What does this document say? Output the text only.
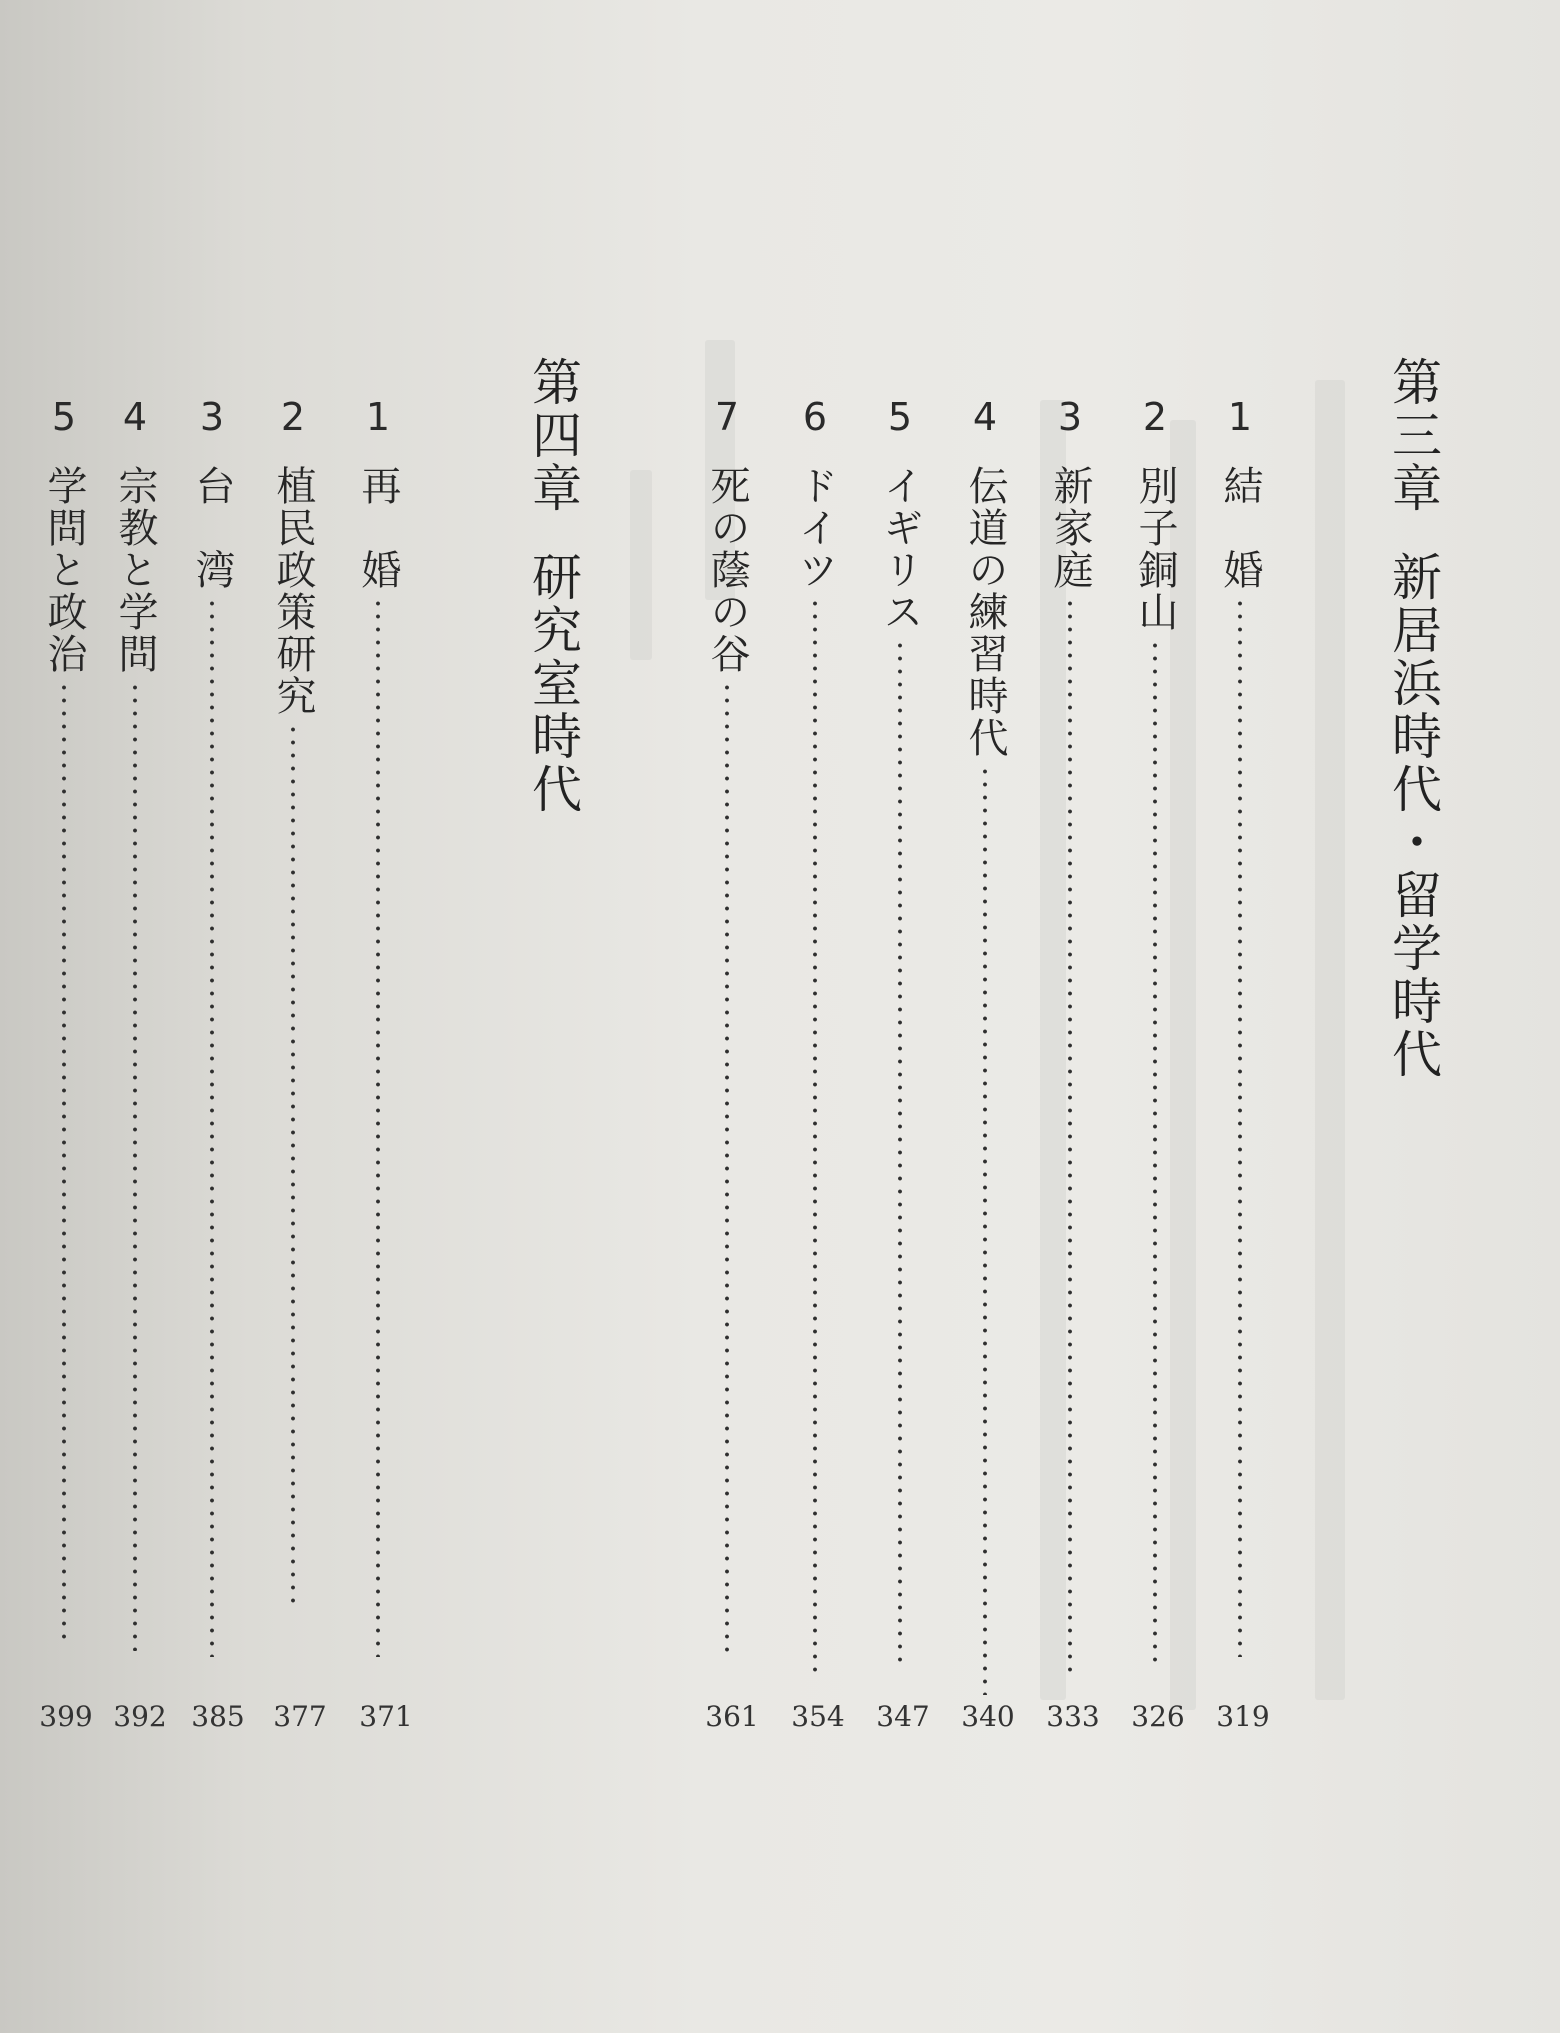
第三章新居浜時代・留学時代
1
結　婚
2
別子銅山
3
新家庭
4
伝道の練習時代
5
イギリス
6
ドイツ
7
死の蔭の谷
319
326
333
340
347
354
361
第四章研究室時代
1
再　婚
2
植民政策研究
3
台　湾
4
宗教と学問
5
学問と政治
371
377
385
392
399
